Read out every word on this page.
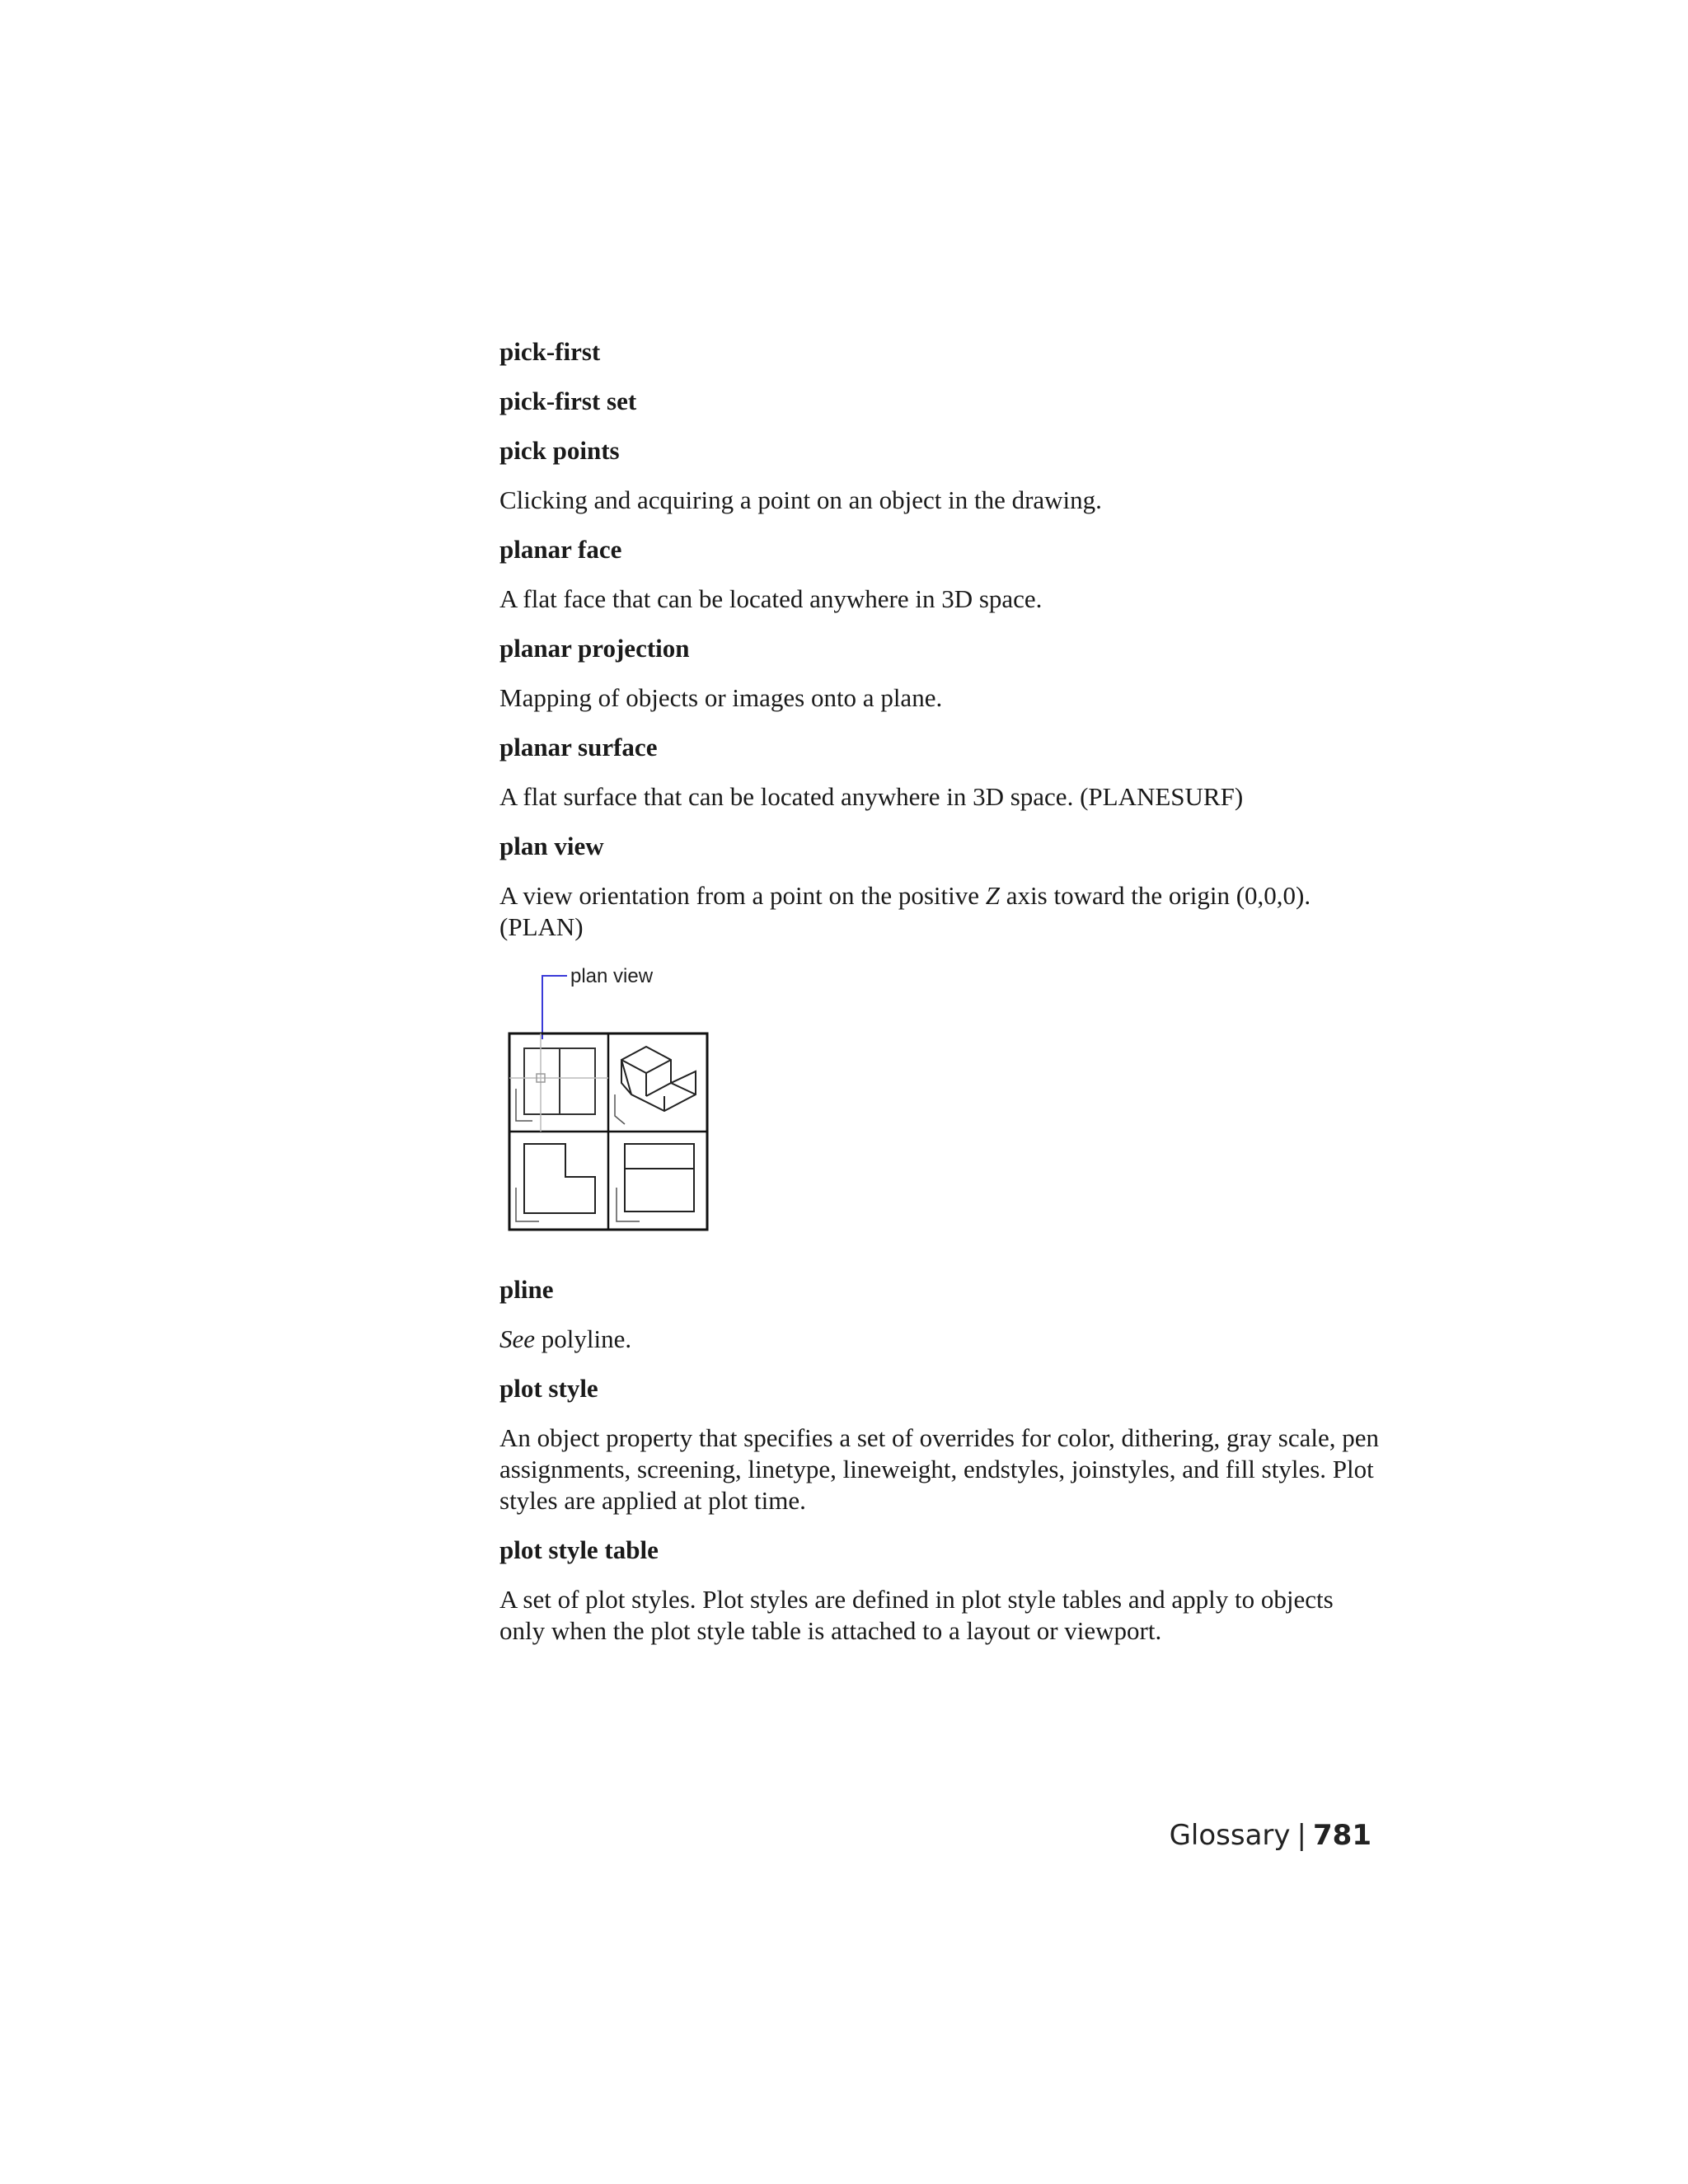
pick-first
pick-first set
pick points
Clicking and acquiring a point on an object in the drawing.
planar face
A flat face that can be located anywhere in 3D space.
planar projection
Mapping of objects or images onto a plane.
planar surface
A flat surface that can be located anywhere in 3D space. (PLANESURF)
plan view
A view orientation from a point on the positive Z axis toward the origin (0,0,0). (PLAN)
plan view
pline
See polyline.
plot style
An object property that specifies a set of overrides for color, dithering, gray scale, pen assignments, screening, linetype, lineweight, endstyles, joinstyles, and fill styles. Plot styles are applied at plot time.
plot style table
A set of plot styles. Plot styles are defined in plot style tables and apply to objects only when the plot style table is attached to a layout or viewport.
Glossary | 781
